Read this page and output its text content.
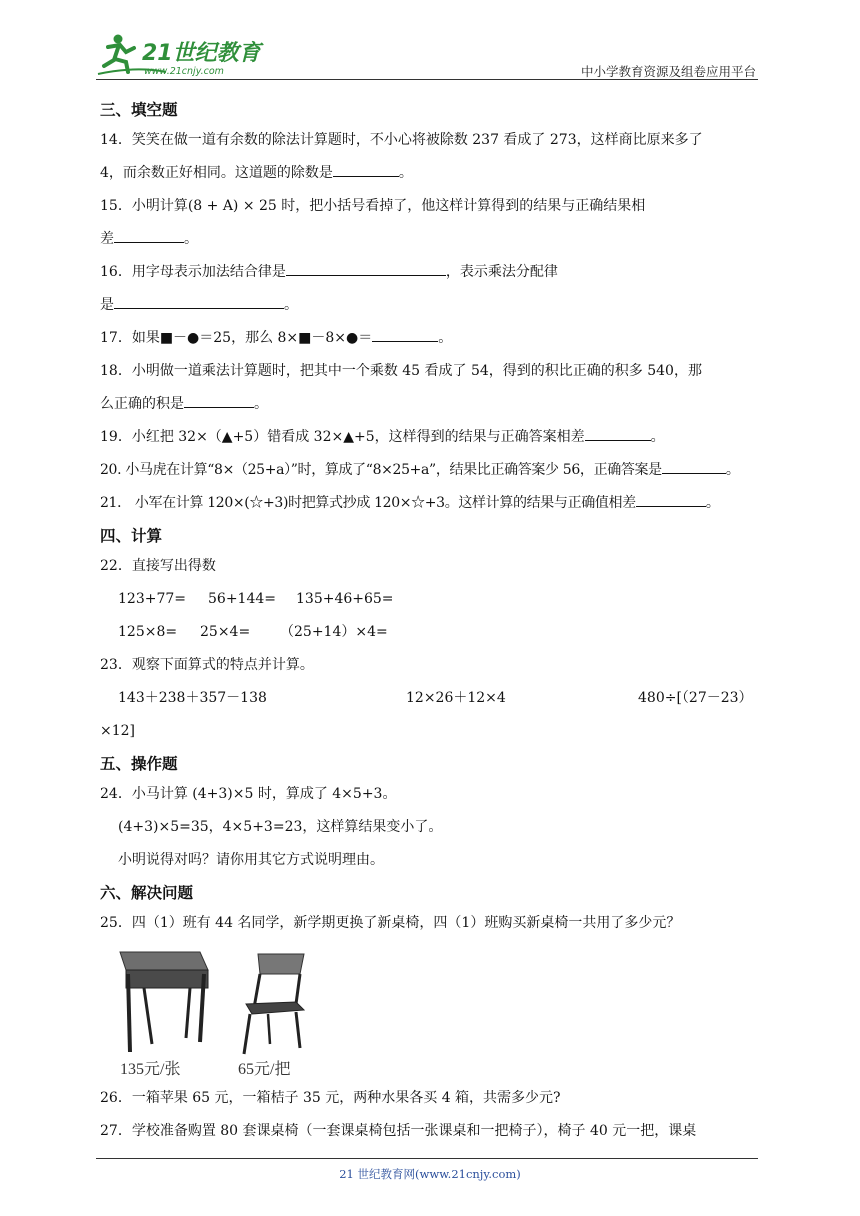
21世纪教育
www.21cnjy.com	中小学教育资源及组卷应用平台
三、填空题
14．笑笑在做一道有余数的除法计算题时，不小心将被除数 237 看成了 273，这样商比原来多了
4，而余数正好相同。这道题的除数是	。
15．小明计算(8 + A) × 25 时，把小括号看掉了，他这样计算得到的结果与正确结果相
差	。
16．用字母表示加法结合律是	，表示乘法分配律
是	。
17．如果■－●＝25，那么 8×■－8×●＝	。
18．小明做一道乘法计算题时，把其中一个乘数 45 看成了 54，得到的积比正确的积多 540，那
么正确的积是	。
19．小红把 32×（▲+5）错看成 32×▲+5，这样得到的结果与正确答案相差	。
20. 小马虎在计算“8×（25+a）”时，算成了“8×25+a”，结果比正确答案少 56，正确答案是	。
21． 小军在计算 120×(☆+3)时把算式抄成 120×☆+3。这样计算的结果与正确值相差	。
四、计算
22．直接写出得数
123+77= 56+144= 135+46+65=
125×8= 25×4= （25+14）×4=
23．观察下面算式的特点并计算。
143＋238＋357－138	12×26＋12×4	480÷[（27－23）
×12]
五、操作题
24．小马计算 (4+3)×5 时，算成了 4×5+3。
(4+3)×5=35，4×5+3=23，这样算结果变小了。
小明说得对吗？请你用其它方式说明理由。
六、解决问题
25．四（1）班有 44 名同学，新学期更换了新桌椅，四（1）班购买新桌椅一共用了多少元？
135元/张	65元/把
26．一箱苹果 65 元，一箱桔子 35 元，两种水果各买 4 箱，共需多少元?
27．学校准备购置 80 套课桌椅（一套课桌椅包括一张课桌和一把椅子），椅子 40 元一把，课桌
21 世纪教育网(www.21cnjy.com)
